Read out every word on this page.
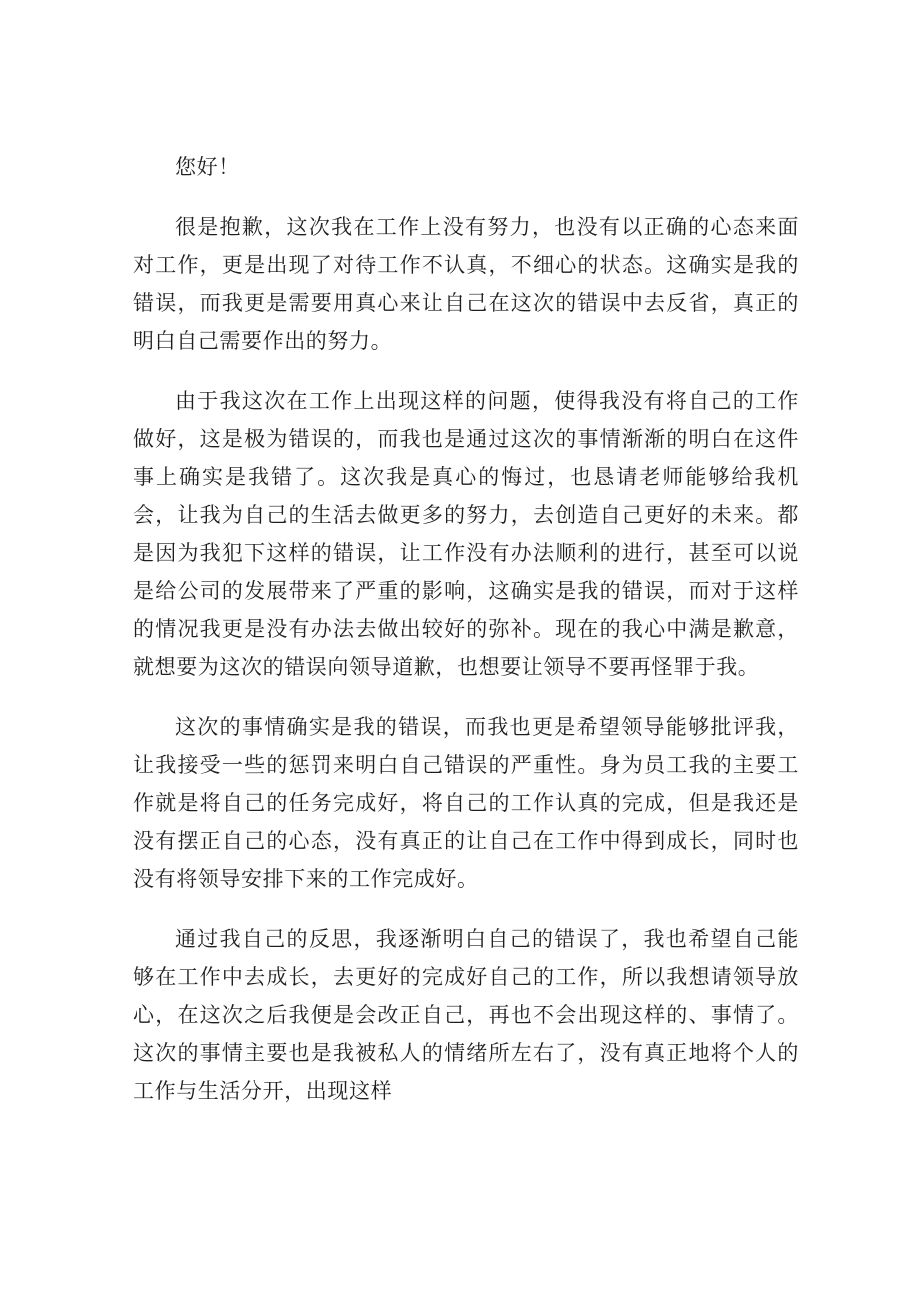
您好！

很是抱歉，这次我在工作上没有努力，也没有以正确的心态来面对工作，更是出现了对待工作不认真，不细心的状态。这确实是我的错误，而我更是需要用真心来让自己在这次的错误中去反省，真正的明白自己需要作出的努力。

由于我这次在工作上出现这样的问题，使得我没有将自己的工作做好，这是极为错误的，而我也是通过这次的事情渐渐的明白在这件事上确实是我错了。这次我是真心的悔过，也恳请老师能够给我机会，让我为自己的生活去做更多的努力，去创造自己更好的未来。都是因为我犯下这样的错误，让工作没有办法顺利的进行，甚至可以说是给公司的发展带来了严重的影响，这确实是我的错误，而对于这样的情况我更是没有办法去做出较好的弥补。现在的我心中满是歉意，就想要为这次的错误向领导道歉，也想要让领导不要再怪罪于我。

这次的事情确实是我的错误，而我也更是希望领导能够批评我，让我接受一些的惩罚来明白自己错误的严重性。身为员工我的主要工作就是将自己的任务完成好，将自己的工作认真的完成，但是我还是没有摆正自己的心态，没有真正的让自己在工作中得到成长，同时也没有将领导安排下来的工作完成好。

通过我自己的反思，我逐渐明白自己的错误了，我也希望自己能够在工作中去成长，去更好的完成好自己的工作，所以我想请领导放心，在这次之后我便是会改正自己，再也不会出现这样的、事情了。这次的事情主要也是我被私人的情绪所左右了，没有真正地将个人的工作与生活分开，出现这样
